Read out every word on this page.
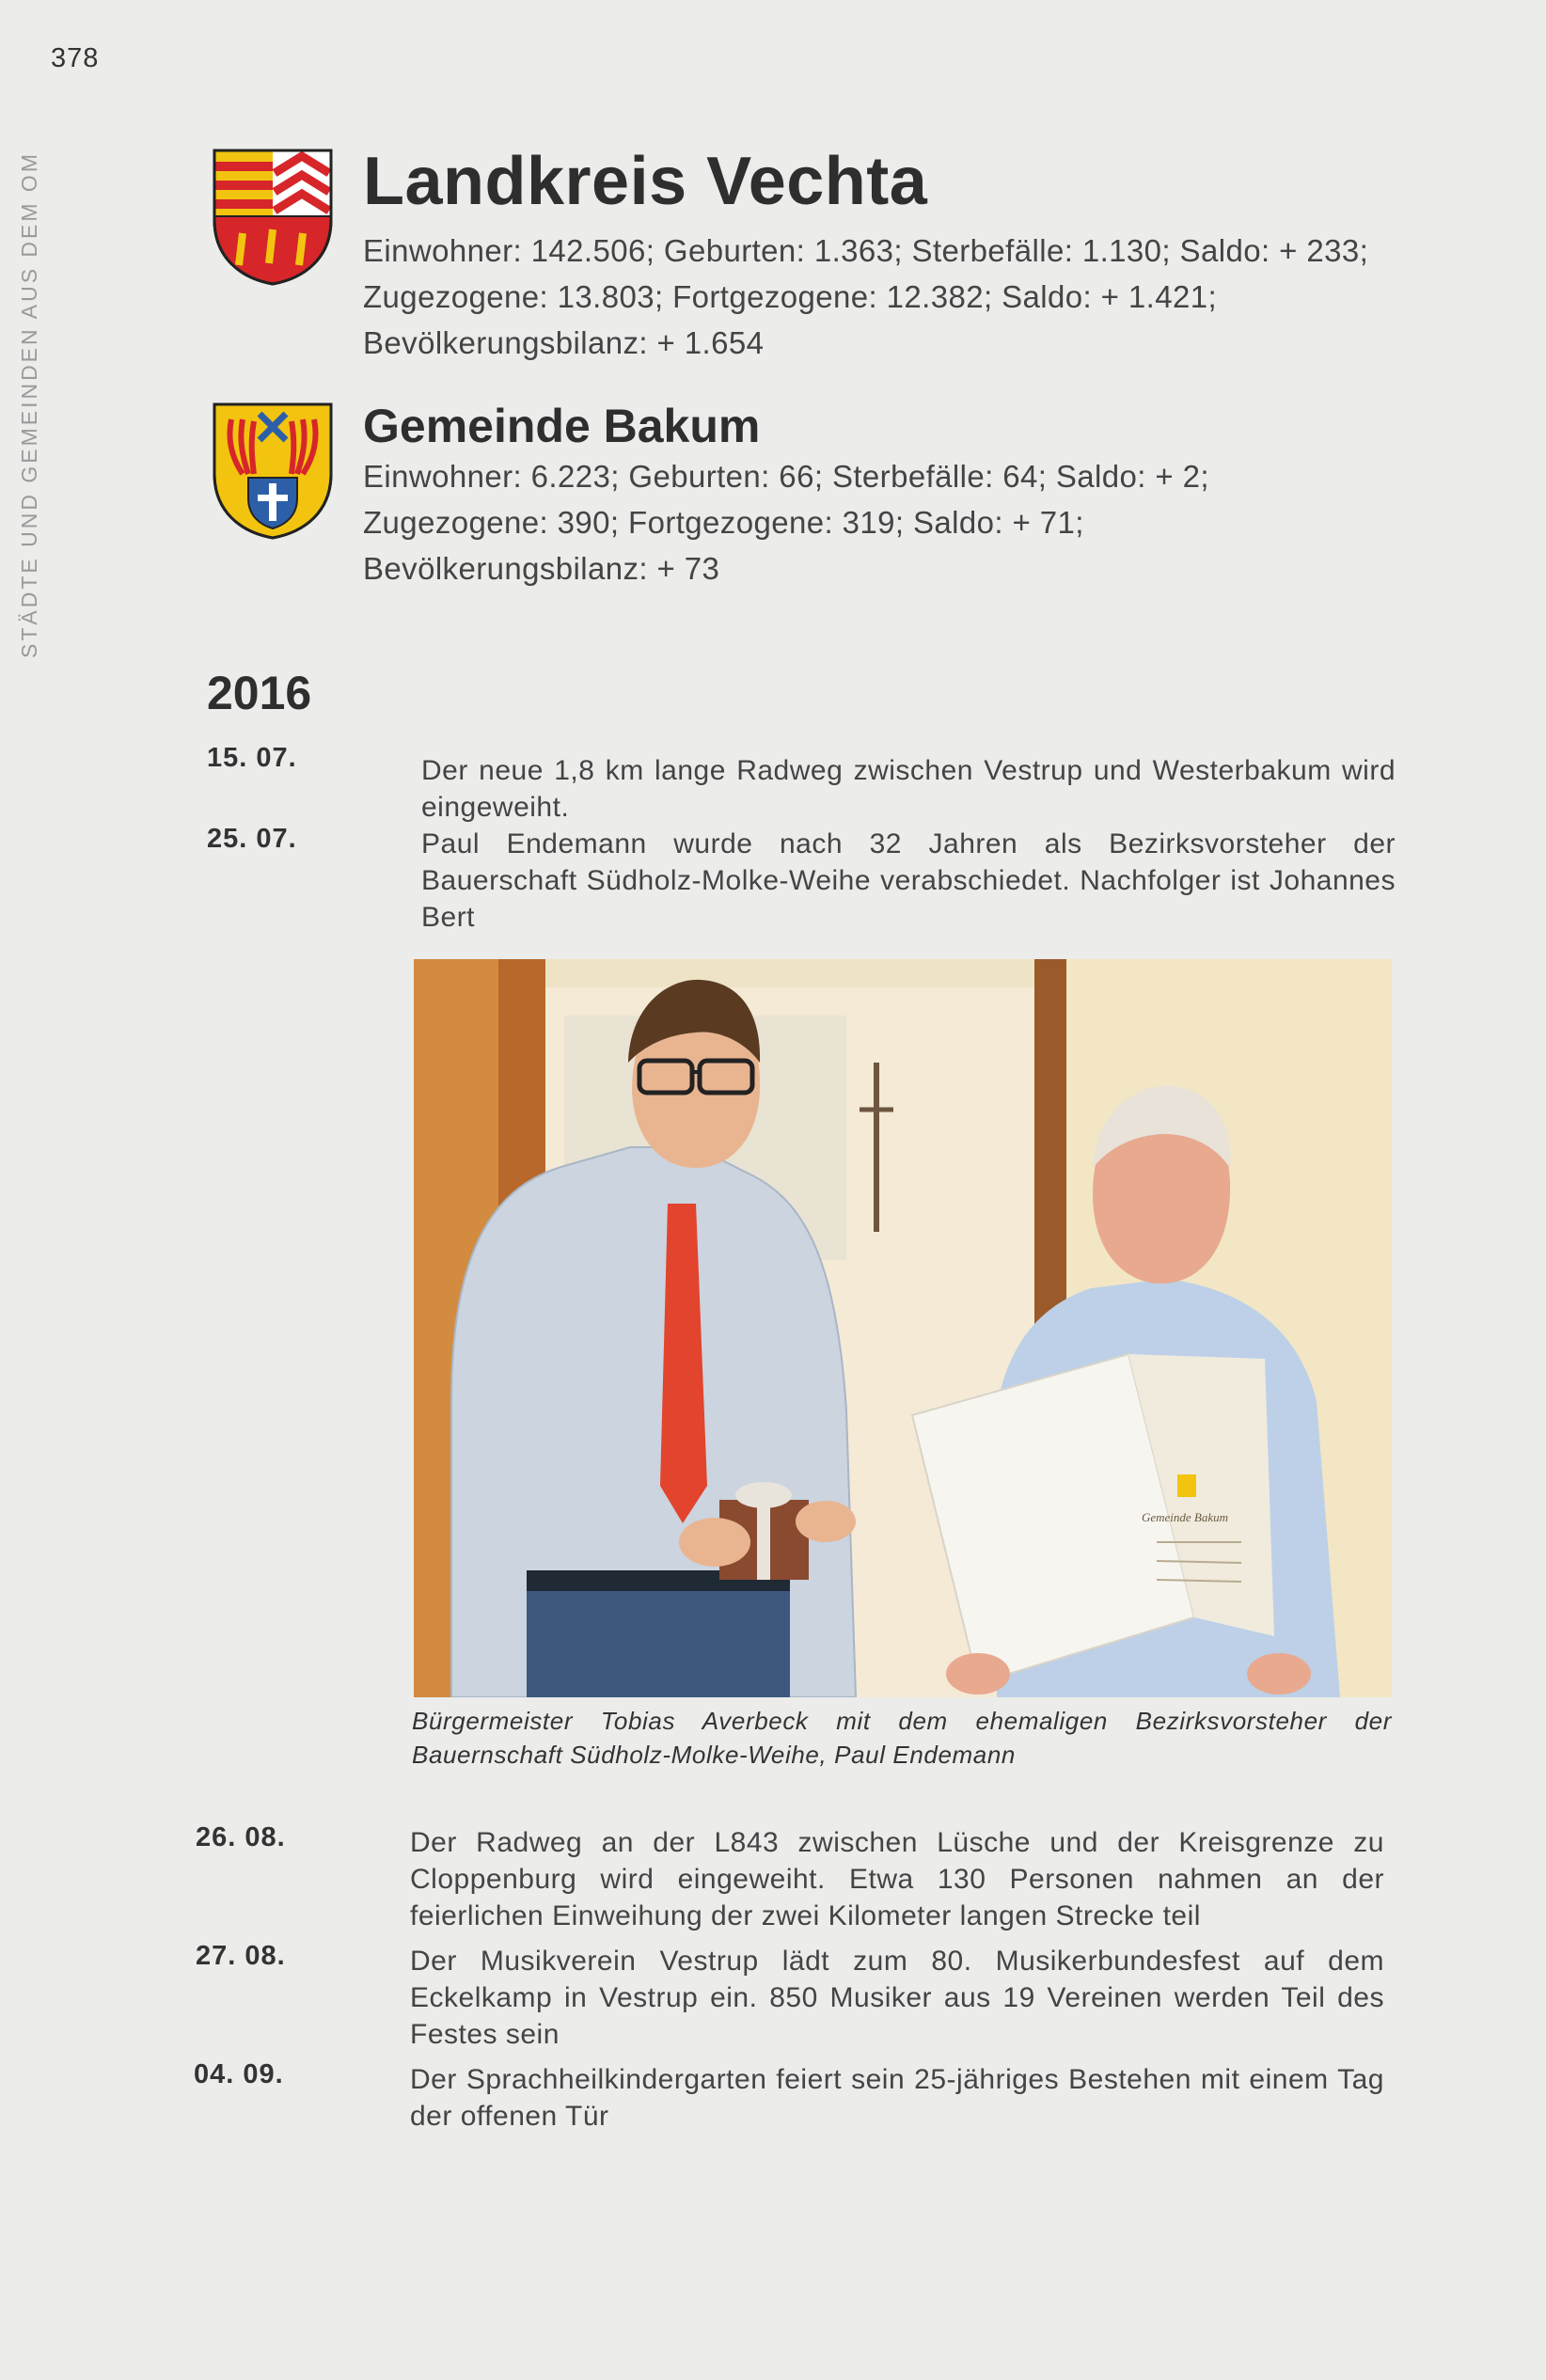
378
STÄDTE UND GEMEINDEN AUS DEM OM	Landkreis Vechta
Einwohner: 142.506; Geburten: 1.363; Sterbefälle: 1.130; Saldo: + 233;
Zugezogene: 13.803; Fortgezogene: 12.382; Saldo: + 1.421;
Bevölkerungsbilanz: + 1.654
Gemeinde Bakum
Einwohner: 6.223; Geburten: 66; Sterbefälle: 64; Saldo: + 2;
Zugezogene: 390; Fortgezogene: 319; Saldo: + 71;
Bevölkerungsbilanz: + 73
2016
15. 07.	Der neue 1,8 km lange Radweg zwischen Vestrup und Westerbakum wird eingeweiht.
25. 07.	Paul Endemann wurde nach 32 Jahren als Bezirksvorsteher der Bauerschaft Südholz-Molke-Weihe verabschiedet. Nachfolger ist Johannes Bert
Gemeinde Bakum
Bürgermeister Tobias Averbeck mit dem ehemaligen Bezirksvorsteher der Bauernschaft Südholz-Molke-Weihe, Paul Endemann
26. 08.	Der Radweg an der L843 zwischen Lüsche und der Kreisgrenze zu Cloppenburg wird eingeweiht. Etwa 130 Personen nahmen an der feierlichen Einweihung der zwei Kilometer langen Strecke teil
27. 08.	Der Musikverein Vestrup lädt zum 80. Musikerbundesfest auf dem Eckelkamp in Vestrup ein. 850 Musiker aus 19 Vereinen werden Teil des Festes sein
04. 09.	Der Sprachheilkindergarten feiert sein 25-jähriges Bestehen mit einem Tag der offenen Tür
